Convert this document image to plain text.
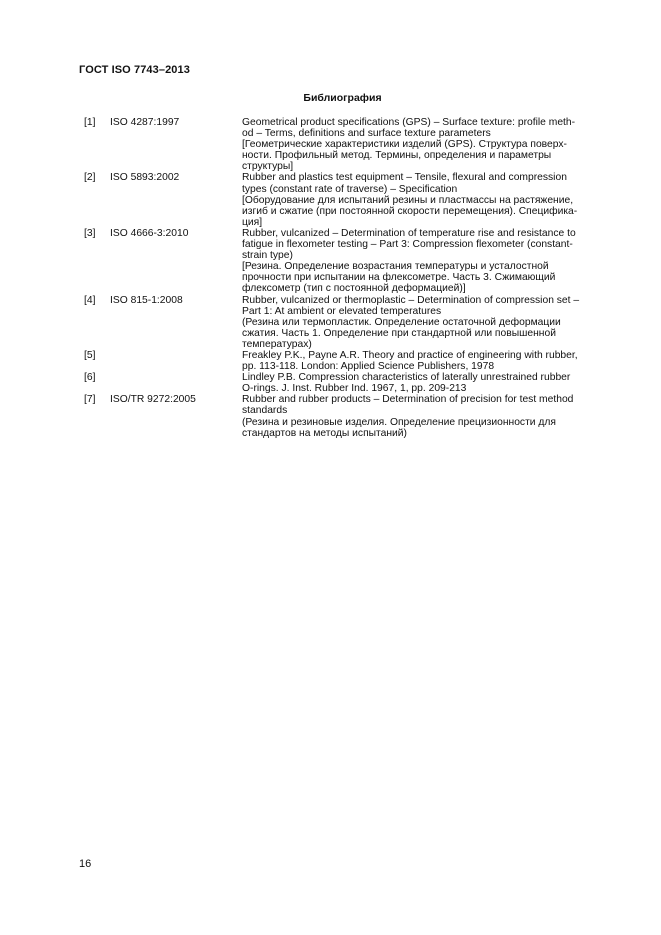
ГОСТ ISO 7743–2013
Библиография
[1] ISO 4287:1997	Geometrical product specifications (GPS) – Surface texture: profile meth-
od – Terms, definitions and surface texture parameters
[Геометрические характеристики изделий (GPS). Структура поверх-
ности. Профильный метод. Термины, определения и параметры
структуры]
[2] ISO 5893:2002	Rubber and plastics test equipment – Tensile, flexural and compression
types (constant rate of traverse) – Specification
[Оборудование для испытаний резины и пластмассы на растяжение,
изгиб и сжатие (при постоянной скорости перемещения). Специфика-
ция]
[3] ISO 4666-3:2010	Rubber, vulcanized – Determination of temperature rise and resistance to
fatigue in flexometer testing – Part 3: Compression flexometer (constant-
strain type)
[Резина. Определение возрастания температуры и усталостной
прочности при испытании на флексометре. Часть 3. Сжимающий
флексометр (тип с постоянной деформацией)]
[4] ISO 815-1:2008	Rubber, vulcanized or thermoplastic – Determination of compression set –
Part 1: At ambient or elevated temperatures
(Резина или термопластик. Определение остаточной деформации
сжатия. Часть 1. Определение при стандартной или повышенной
температурах)
[5]	Freakley P.K., Payne A.R. Theory and practice of engineering with rubber,
pp. 113-118. London: Applied Science Publishers, 1978
[6]	Lindley P.B. Compression characteristics of laterally unrestrained rubber
O-rings. J. Inst. Rubber Ind. 1967, 1, pp. 209-213
[7] ISO/TR 9272:2005	Rubber and rubber products – Determination of precision for test method
standards
(Резина и резиновые изделия. Определение прецизионности для
стандартов на методы испытаний)
16
